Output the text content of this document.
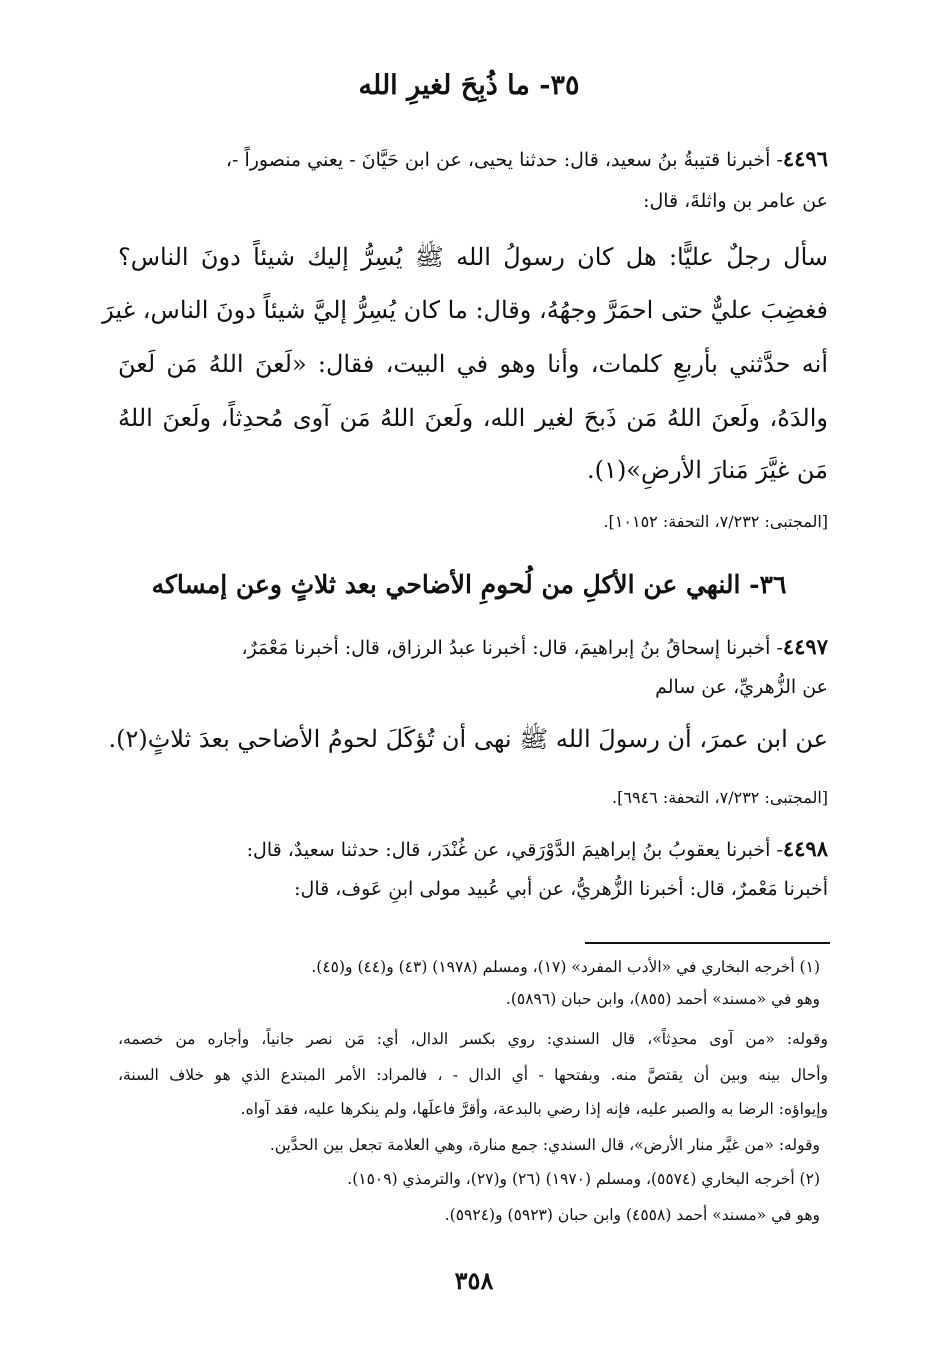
٣٥- ما ذُبِحَ لغيرِ الله
٤٤٩٦- أخبرنا قتيبةُ بنُ سعيد، قال: حدثنا يحيى، عن ابن حَيَّانَ - يعني منصوراً -،
عن عامر بن واثلةَ، قال:
سأل رجلٌ عليًّا: هل كان رسولُ الله ﷺ يُسِرُّ إليك شيئاً دونَ الناس؟
فغضِبَ عليٌّ حتى احمَرَّ وجهُهُ، وقال: ما كان يُسِرُّ إليَّ شيئاً دونَ الناس، غيرَ
أنه حدَّثني بأربعِ كلمات، وأنا وهو في البيت، فقال: «لَعنَ اللهُ مَن لَعنَ
والدَهُ، ولَعنَ اللهُ مَن ذَبحَ لغير الله، ولَعنَ اللهُ مَن آوى مُحدِثاً، ولَعنَ اللهُ
مَن غيَّرَ مَنارَ الأرضِ»(١).
[المجتبى: ٧/٢٣٢، التحفة: ١٠١٥٢].
٣٦- النهي عن الأكلِ من لُحومِ الأضاحي بعد ثلاثٍ وعن إمساكه
٤٤٩٧- أخبرنا إسحاقُ بنُ إبراهيمَ، قال: أخبرنا عبدُ الرزاق، قال: أخبرنا مَعْمَرٌ،
عن الزُّهريِّ، عن سالم
عن ابن عمرَ، أن رسولَ الله ﷺ نهى أن تُؤكَلَ لحومُ الأضاحي بعدَ ثلاثٍ(٢).
[المجتبى: ٧/٢٣٢، التحفة: ٦٩٤٦].
٤٤٩٨- أخبرنا يعقوبُ بنُ إبراهيمَ الدَّوْرَقي، عن غُنْدَر، قال: حدثنا سعيدٌ، قال:
أخبرنا مَعْمرٌ، قال: أخبرنا الزُّهريُّ، عن أبي عُبيد مولى ابنِ عَوف، قال:
(١) أخرجه البخاري في «الأدب المفرد» (١٧)، ومسلم (١٩٧٨) (٤٣) و(٤٤) و(٤٥).
وهو في «مسند» أحمد (٨٥٥)، وابن حبان (٥٨٩٦).
وقوله: «من آوى محدِثاً»، قال السندي: روي بكسر الدال، أي: مَن نصر جانياً، وأجاره من خصمه،
وأحال بينه وبين أن يقتصَّ منه. وبفتحها - أي الدال - ، فالمراد: الأمر المبتدع الذي هو خلاف السنة،
وإيواؤه: الرضا به والصبر عليه، فإنه إذا رضي بالبدعة، وأقرَّ فاعلَها، ولم ينكرها عليه، فقد آواه.
وقوله: «من غيَّر منار الأرض»، قال السندي: جمع منارة، وهي العلامة تجعل بين الحدَّين.
(٢) أخرجه البخاري (٥٥٧٤)، ومسلم (١٩٧٠) (٢٦) و(٢٧)، والترمذي (١٥٠٩).
وهو في «مسند» أحمد (٤٥٥٨) وابن حبان (٥٩٢٣) و(٥٩٢٤).
٣٥٨
